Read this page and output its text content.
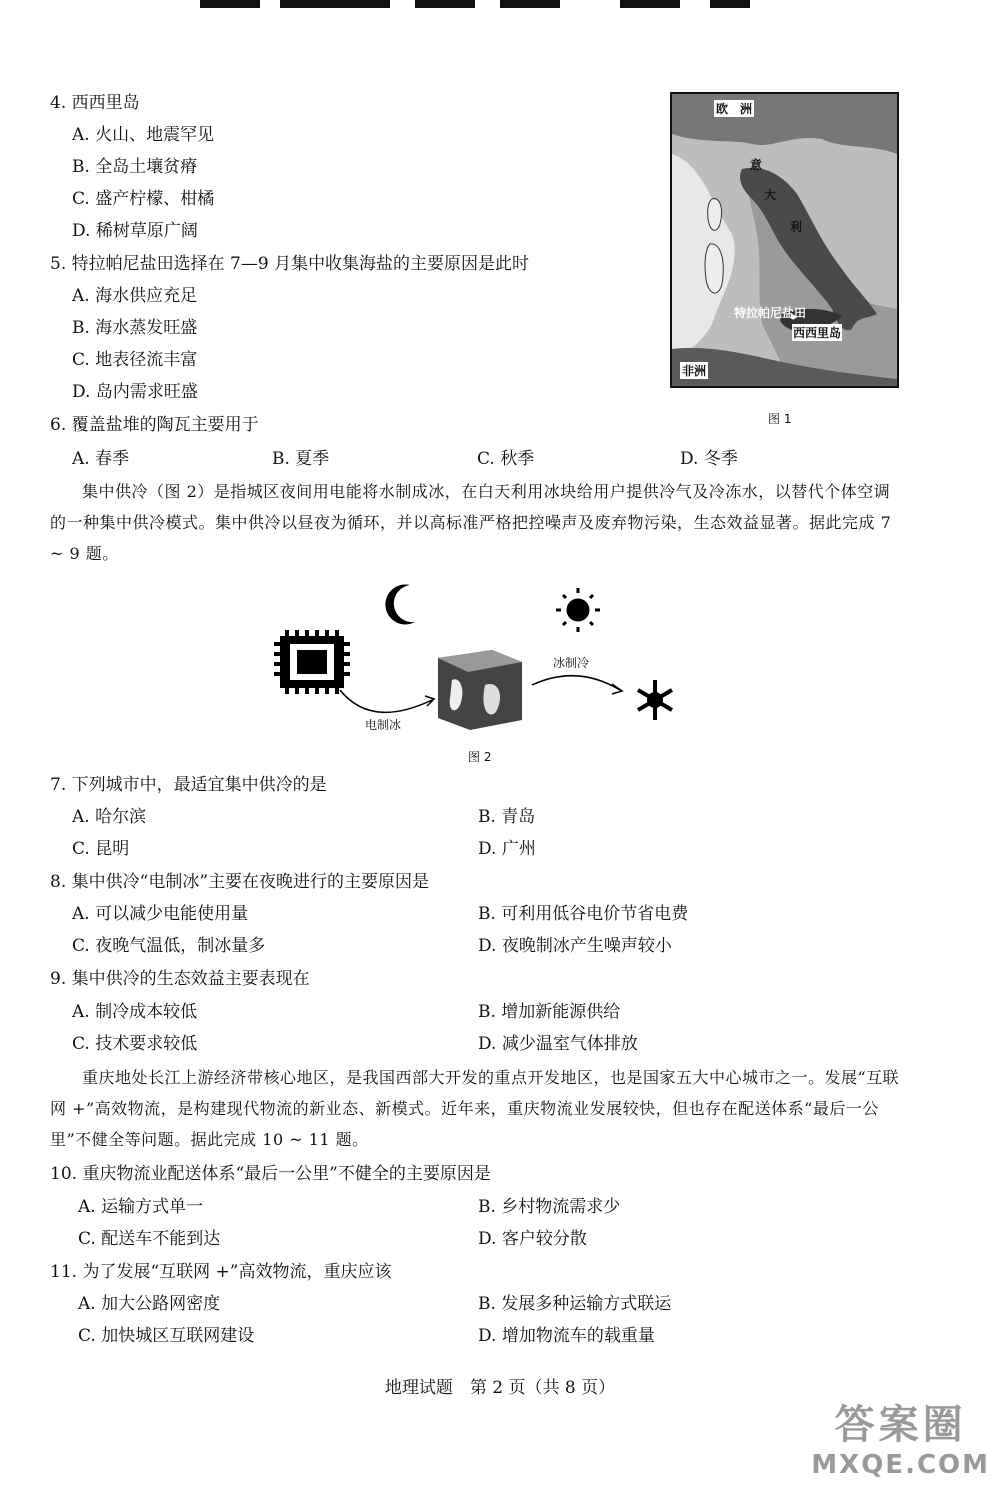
4. 西西里岛
A. 火山、地震罕见
B. 全岛土壤贫瘠
C. 盛产柠檬、柑橘
D. 稀树草原广阔
5. 特拉帕尼盐田选择在 7—9 月集中收集海盐的主要原因是此时
A. 海水供应充足
B. 海水蒸发旺盛
C. 地表径流丰富
D. 岛内需求旺盛
欧　洲
意
大
利
特拉帕尼盐田
西西里岛
非洲
图 1
6. 覆盖盐堆的陶瓦主要用于
A. 春季	B. 夏季	C. 秋季	D. 冬季
集中供冷（图 2）是指城区夜间用电能将水制成冰，在白天利用冰块给用户提供冷气及冷冻水，以替代个体空调的一种集中供冷模式。集中供冷以昼夜为循环，并以高标准严格把控噪声及废弃物污染，生态效益显著。据此完成 7 ~ 9 题。
电制冰
冰制冷
图 2
7. 下列城市中，最适宜集中供冷的是
A. 哈尔滨	B. 青岛
C. 昆明	D. 广州
8. 集中供冷“电制冰”主要在夜晚进行的主要原因是
A. 可以减少电能使用量	B. 可利用低谷电价节省电费
C. 夜晚气温低，制冰量多	D. 夜晚制冰产生噪声较小
9. 集中供冷的生态效益主要表现在
A. 制冷成本较低	B. 增加新能源供给
C. 技术要求较低	D. 减少温室气体排放
重庆地处长江上游经济带核心地区，是我国西部大开发的重点开发地区，也是国家五大中心城市之一。发展“互联网 +”高效物流，是构建现代物流的新业态、新模式。近年来，重庆物流业发展较快，但也存在配送体系“最后一公里”不健全等问题。据此完成 10 ~ 11 题。
10. 重庆物流业配送体系“最后一公里”不健全的主要原因是
A. 运输方式单一	B. 乡村物流需求少
C. 配送车不能到达	D. 客户较分散
11. 为了发展“互联网 +”高效物流，重庆应该
A. 加大公路网密度	B. 发展多种运输方式联运
C. 加快城区互联网建设	D. 增加物流车的载重量
地理试题　第 2 页（共 8 页）
答案圈
MXQE.COM
